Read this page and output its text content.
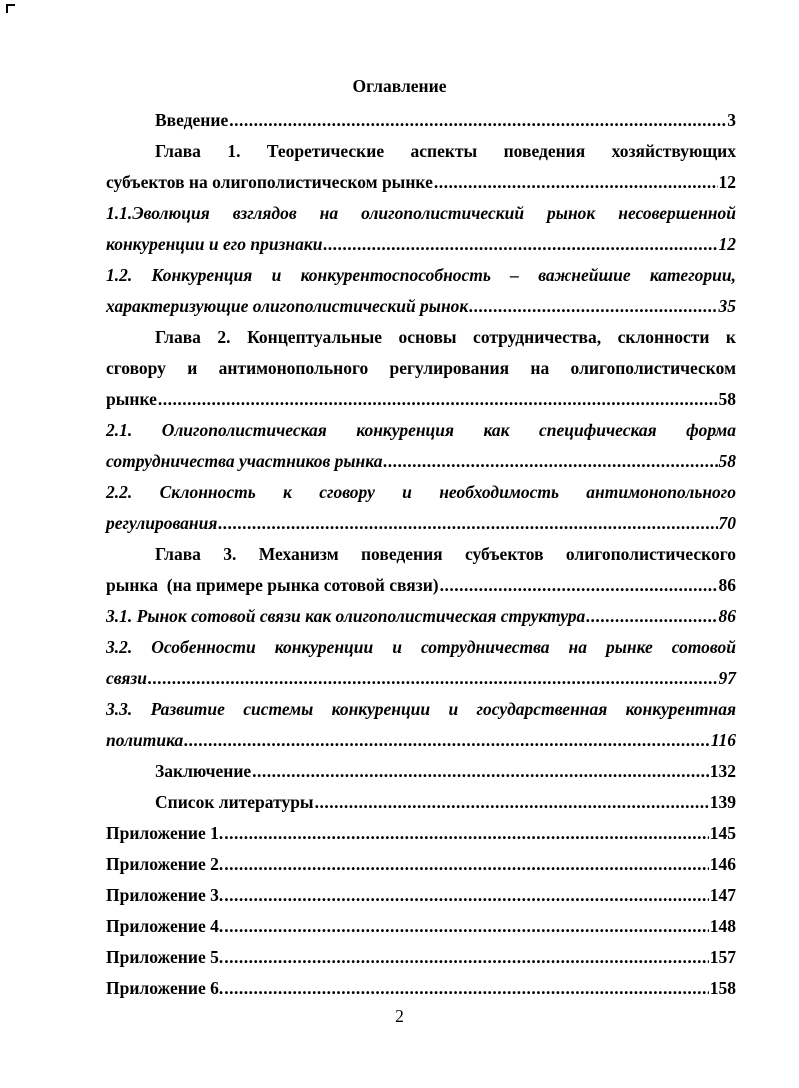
Оглавление
Введение .....	3
Глава 1. Теоретические аспекты поведения хозяйствующих
субъектов на олигополистическом рынке .....	12
1.1.Эволюция взглядов на олигополистический рынок несовершенной
конкуренции и его признаки .....	12
1.2. Конкуренция и конкурентоспособность – важнейшие категории,
характеризующие олигополистический рынок .....	35
Глава 2. Концептуальные основы сотрудничества, склонности к
сговору и антимонопольного регулирования на олигополистическом
рынке .....	58
2.1. Олигополистическая конкуренция как специфическая форма
сотрудничества участников рынка .....	58
2.2. Склонность к сговору и необходимость антимонопольного
регулирования .....	70
Глава 3. Механизм поведения субъектов олигополистического
рынка  (на примере рынка сотовой связи) .....	86
3.1. Рынок сотовой связи как олигополистическая структура .....	86
3.2. Особенности конкуренции и сотрудничества на рынке сотовой
связи .....	97
3.3. Развитие системы конкуренции и государственная конкурентная
политика .....	116
Заключение .....	132
Список литературы .....	139
Приложение 1. .....	145
Приложение 2. .....	146
Приложение 3. .....	147
Приложение 4. .....	148
Приложение 5. .....	157
Приложение 6. .....	158
2
